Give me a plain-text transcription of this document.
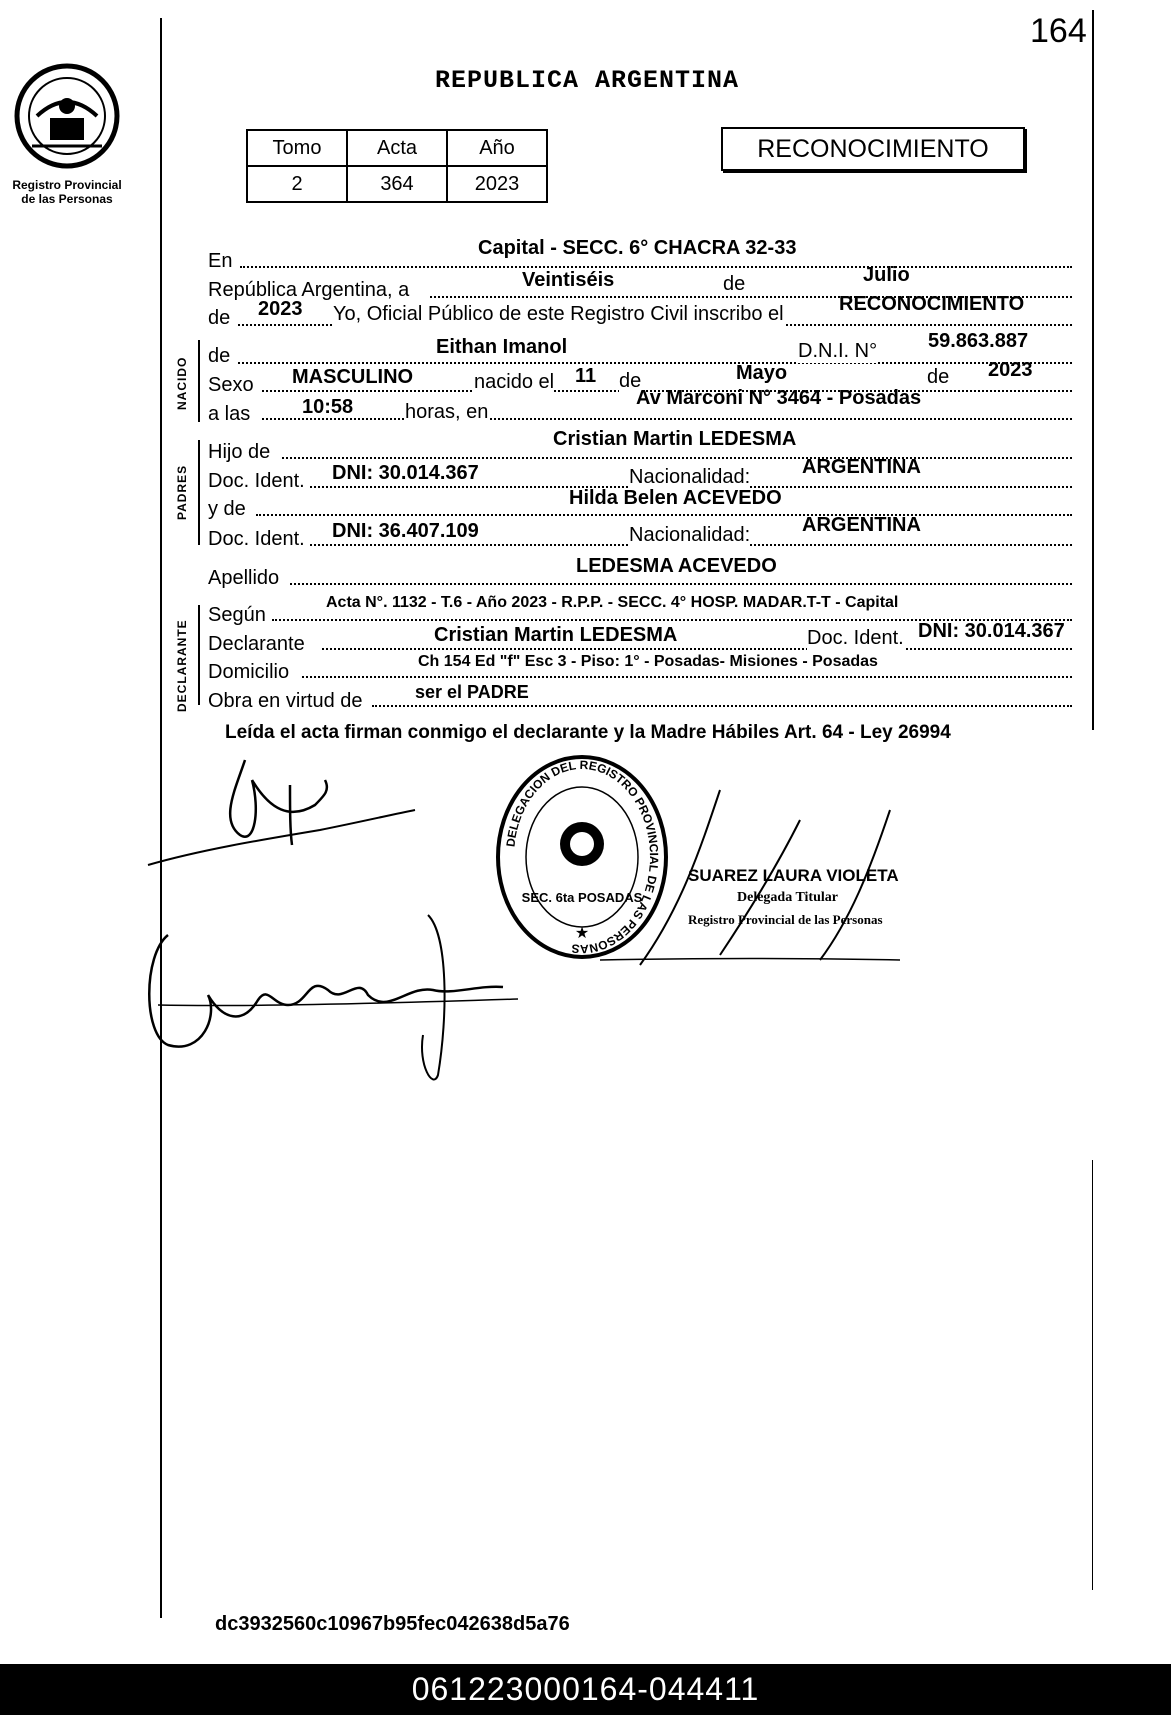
164
Registro Provincial
de las Personas
REPUBLICA ARGENTINA
Tomo	Acta	Año
2	364	2023
RECONOCIMIENTO
NACIDO
PADRES
DECLARANTE
En
Capital - SECC. 6° CHACRA 32-33
República Argentina, a	Veintiséis	de	Julio
de 2023 Yo, Oficial Público de este Registro Civil inscribo el	RECONOCIMIENTO
de	Eithan Imanol	D.N.I. N°	59.863.887
Sexo MASCULINO	nacido el 11 de	Mayo	de 2023
a las	10:58	horas, en
Av Marconi N° 3464 - Posadas
Hijo de
Cristian Martin LEDESMA
Doc. Ident. DNI: 30.014.367	Nacionalidad:	ARGENTINA
y de	Hilda Belen ACEVEDO
Doc. Ident. DNI: 36.407.109	Nacionalidad:	ARGENTINA
Apellido
LEDESMA ACEVEDO
Según
Acta N°. 1132 - T.6 - Año 2023 - R.P.P. - SECC. 4° HOSP. MADAR.T-T - Capital
Declarante	Cristian Martin LEDESMA	Doc. Ident. DNI: 30.014.367
Domicilio	Ch 154 Ed "f" Esc 3 - Piso: 1° - Posadas- Misiones - Posadas
Obra en virtud de	ser el PADRE
Leída el acta firman conmigo el declarante y la Madre Hábiles Art. 64 - Ley 26994
DELEGACION DEL REGISTRO PROVINCIAL DE LAS PERSONAS
SEC. 6ta POSADAS
★
SUAREZ LAURA VIOLETA
Delegada Titular
Registro Provincial de las Personas
dc3932560c10967b95fec042638d5a76
061223000164-044411
